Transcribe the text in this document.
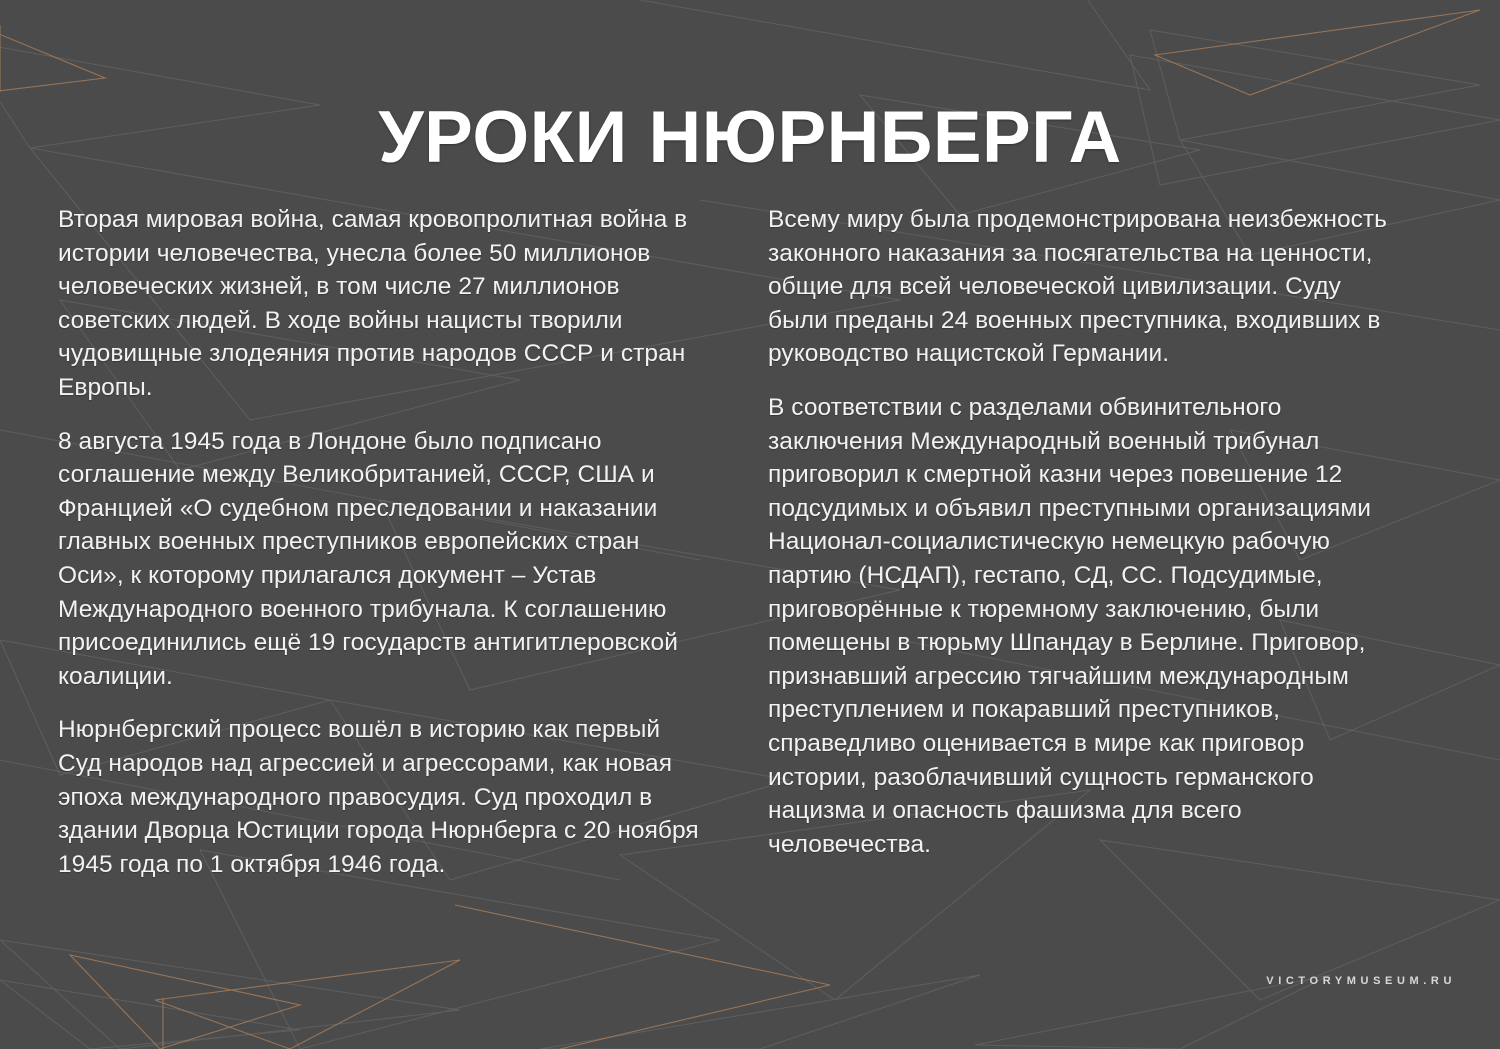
УРОКИ НЮРНБЕРГА

Вторая мировая война, самая кровопролитная война в истории человечества, унесла более 50 миллионов человеческих жизней, в том числе 27 миллионов советских людей. В ходе войны нацисты творили чудовищные злодеяния против народов СССР и стран Европы.

8 августа 1945 года в Лондоне было подписано соглашение между Великобританией, СССР, США и Францией «О судебном преследовании и наказании главных военных преступников европейских стран Оси», к которому прилагался документ – Устав Международного военного трибунала. К соглашению присоединились ещё 19 государств антигитлеровской коалиции.

Нюрнбергский процесс вошёл в историю как первый Суд народов над агрессией и агрессорами, как новая эпоха международного правосудия. Суд проходил в здании Дворца Юстиции города Нюрнберга с 20 ноября 1945 года по 1 октября 1946 года.

Всему миру была продемонстрирована неизбежность законного наказания за посягательства на ценности, общие для всей человеческой цивилизации. Суду были преданы 24 военных преступника, входивших в руководство нацистской Германии.

В соответствии с разделами обвинительного заключения Международный военный трибунал приговорил к смертной казни через повешение 12 подсудимых и объявил преступными организациями Национал-социалистическую немецкую рабочую партию (НСДАП), гестапо, СД, СС. Подсудимые, приговорённые к тюремному заключению, были помещены в тюрьму Шпандау в Берлине. Приговор, признавший агрессию тягчайшим международным преступлением и покаравший преступников, справедливо оценивается в мире как приговор истории, разоблачивший сущность германского нацизма и опасность фашизма для всего человечества.

VICTORYMUSEUM.RU
